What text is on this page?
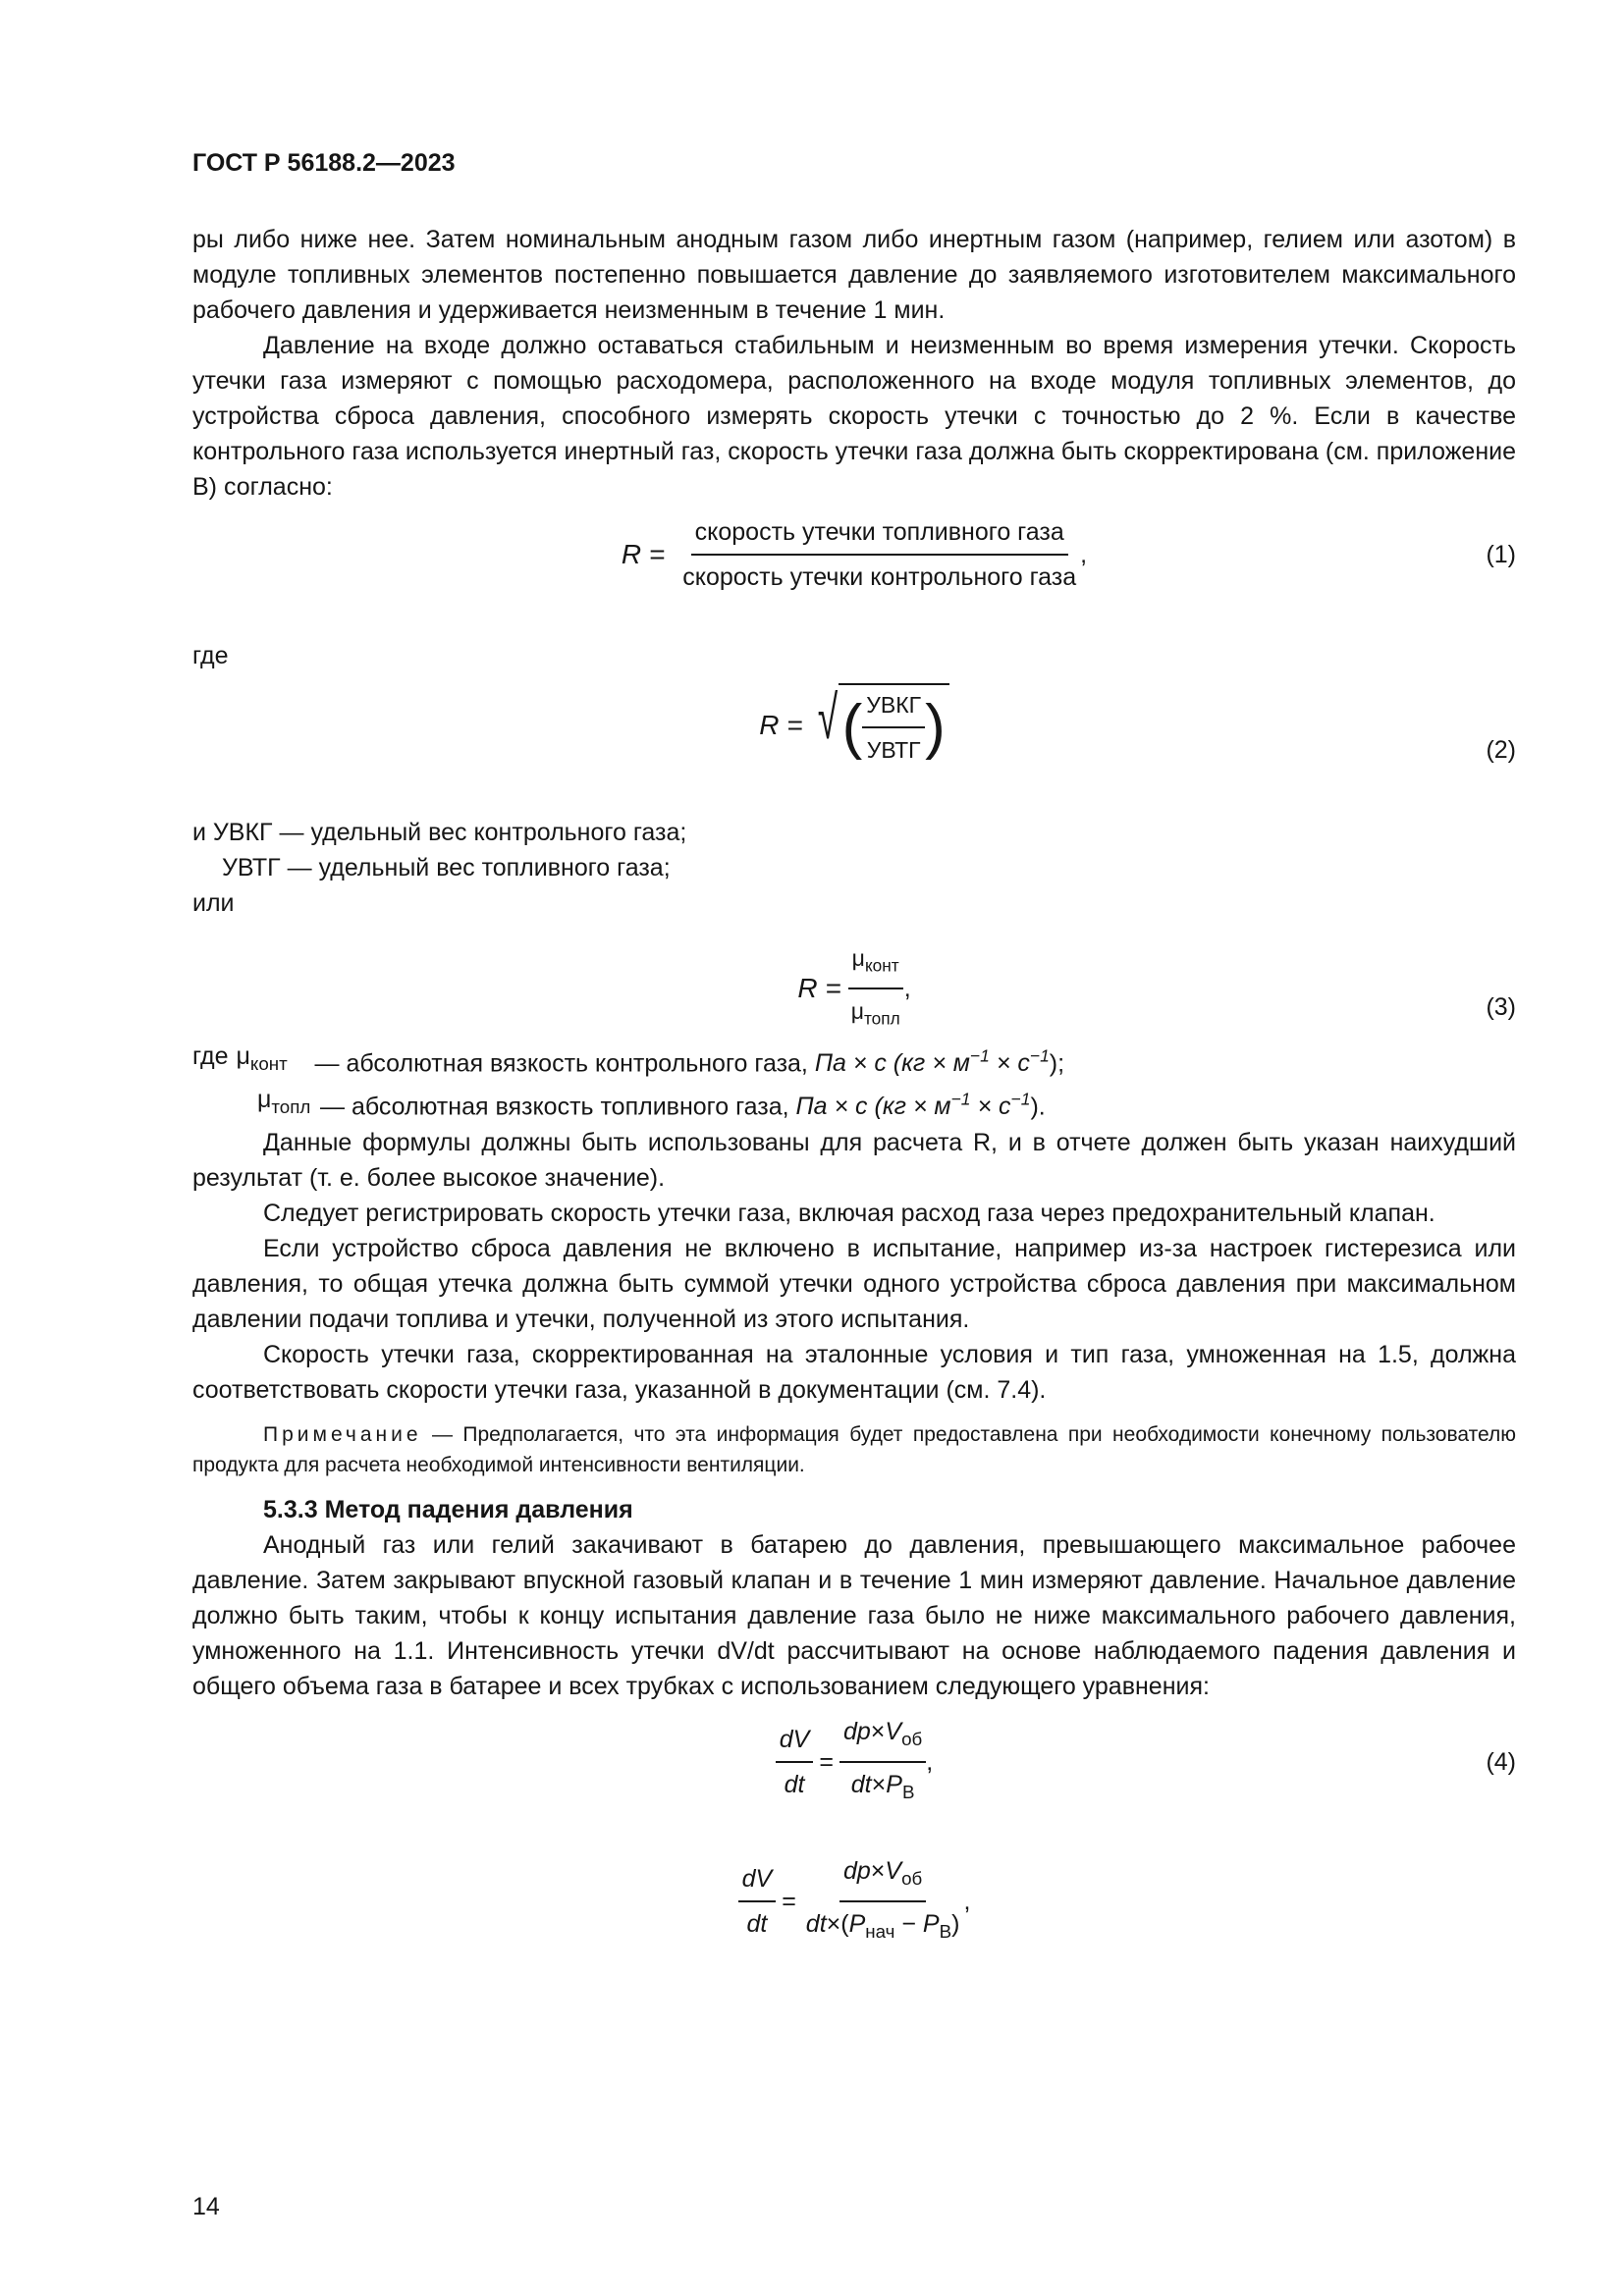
ГОСТ Р 56188.2—2023

ры либо ниже нее. Затем номинальным анодным газом либо инертным газом (например, гелием или азотом) в модуле топливных элементов постепенно повышается давление до заявляемого изготовителем максимального рабочего давления и удерживается неизменным в течение 1 мин.

Давление на входе должно оставаться стабильным и неизменным во время измерения утечки. Скорость утечки газа измеряют с помощью расходомера, расположенного на входе модуля топливных элементов, до устройства сброса давления, способного измерять скорость утечки с точностью до 2 %. Если в качестве контрольного газа используется инертный газ, скорость утечки газа должна быть скорректирована (см. приложение В) согласно:

$R = \frac{\text{скорость утечки топливного газа}}{\text{скорость утечки контрольного газа}}$ ,	(1)

где

R = √ ( $\frac{\text{УВКГ}}{\text{УВТГ}}$ )	(2)

и УВКГ — удельный вес контрольного газа;

УВТГ — удельный вес топливного газа;

или

$R = \frac{\mu_{конт}}{\mu_{топл}}$ ,
(3)
где $\mu_{конт}$	— абсолютная вязкость контрольного газа, Па × с $(кг \times м^{-1} \times с^{-1})$;
$\mu_{топл}$ — абсолютная вязкость топливного газа, Па × с $(кг \times м^{-1} \times с^{-1})$.

Данные формулы должны быть использованы для расчета R, и в отчете должен быть указан наихудший результат (т. е. более высокое значение).

Следует регистрировать скорость утечки газа, включая расход газа через предохранительный клапан.

Если устройство сброса давления не включено в испытание, например из-за настроек гистерезиса или давления, то общая утечка должна быть суммой утечки одного устройства сброса давления при максимальном давлении подачи топлива и утечки, полученной из этого испытания.

Скорость утечки газа, скорректированная на эталонные условия и тип газа, умноженная на 1.5, должна соответствовать скорости утечки газа, указанной в документации (см. 7.4).

Примечание — Предполагается, что эта информация будет предоставлена при необходимости конечному пользователю продукта для расчета необходимой интенсивности вентиляции.

5.3.3 Метод падения давления

Анодный газ или гелий закачивают в батарею до давления, превышающего максимальное рабочее давление. Затем закрывают впускной газовый клапан и в течение 1 мин измеряют давление. Начальное давление должно быть таким, чтобы к концу испытания давление газа было не ниже максимального рабочего давления, умноженного на 1.1. Интенсивность утечки dV/dt рассчитывают на основе наблюдаемого падения давления и общего объема газа в батарее и всех трубках с использованием следующего уравнения:

$\frac{dV}{dt} = \frac{dp\times V_{об}}{dt\times P_В}$ ,	(4)
$\frac{dV}{dt} = \frac{dp\times V_{об}}{dt\times(P_{нач} - P_В)}$ ,
14
